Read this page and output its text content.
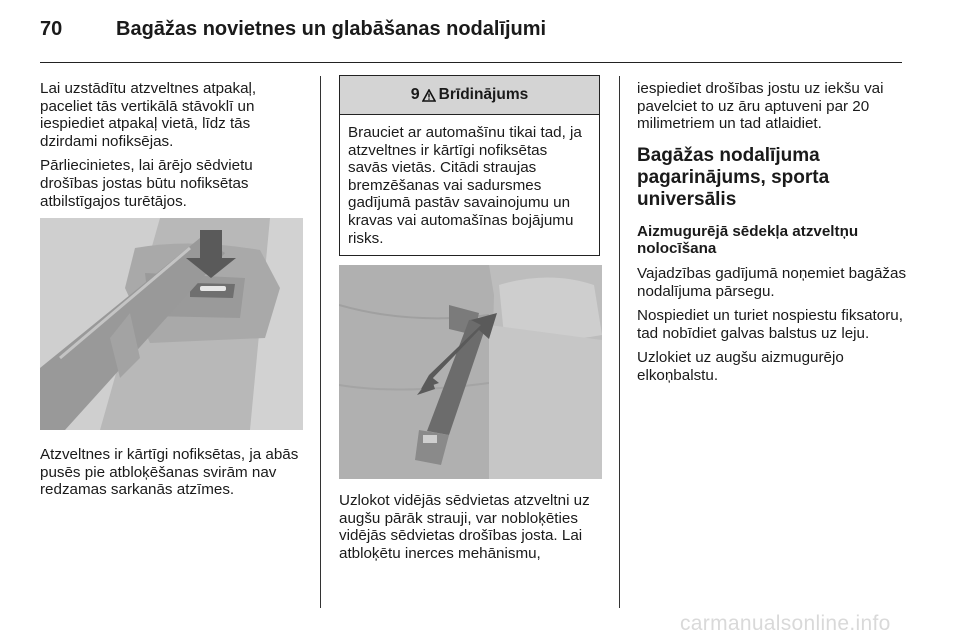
70	Bagāžas novietnes un glabāšanas nodalījumi

Lai uzstādītu atzveltnes atpakaļ, paceliet tās vertikālā stāvoklī un iespiediet atpakaļ vietā, līdz tās dzirdami nofiksējas.

Pārliecinietes, lai ārējo sēdvietu drošības jostas būtu nofiksētas atbilstīgajos turētājos.

Atzveltnes ir kārtīgi nofiksētas, ja abās pusēs pie atbloķēšanas svirām nav redzamas sarkanās atzīmes.

9 Brīdinājums
Brauciet ar automašīnu tikai tad, ja atzveltnes ir kārtīgi nofiksētas savās vietās. Citādi straujas bremzēšanas vai sadursmes gadījumā pastāv savainojumu un kravas vai automašīnas bojājumu risks.

Uzlokot vidējās sēdvietas atzveltni uz augšu pārāk strauji, var nobloķēties vidējās sēdvietas drošības josta. Lai atbloķētu inerces mehānismu,

iespiediet drošības jostu uz iekšu vai pavelciet to uz āru aptuveni par 20 milimetriem un tad atlaidiet.

Bagāžas nodalījuma pagarinājums, sporta universālis

Aizmugurējā sēdekļa atzveltņu nolocīšana

Vajadzības gadījumā noņemiet bagāžas nodalījuma pārsegu.

Nospiediet un turiet nospiestu fiksatoru, tad nobīdiet galvas balstus uz leju.

Uzlokiet uz augšu aizmugurējo elkoņbalstu.

carmanualsonline.info
